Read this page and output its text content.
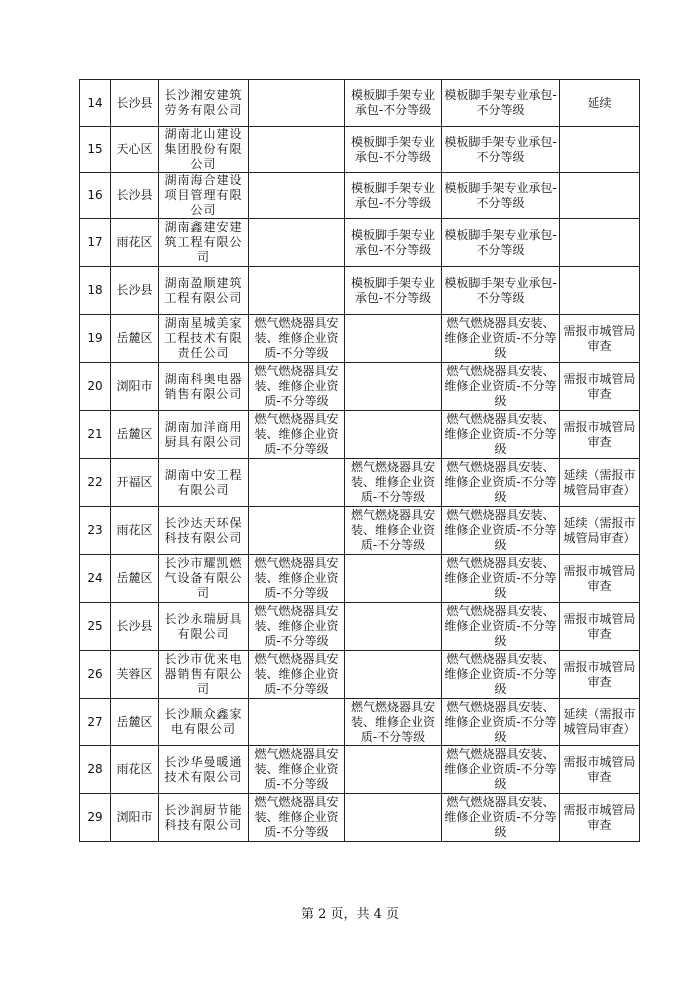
14	长沙县	长沙湘安建筑劳务有限公司		模板脚手架专业承包-不分等级	模板脚手架专业承包-不分等级	延续
15	天心区	湖南北山建设集团股份有限公司		模板脚手架专业承包-不分等级	模板脚手架专业承包-不分等级	
16	长沙县	湖南海合建设项目管理有限公司		模板脚手架专业承包-不分等级	模板脚手架专业承包-不分等级	
17	雨花区	湖南鑫建安建筑工程有限公司		模板脚手架专业承包-不分等级	模板脚手架专业承包-不分等级	
18	长沙县	湖南盈顺建筑工程有限公司		模板脚手架专业承包-不分等级	模板脚手架专业承包-不分等级	
19	岳麓区	湖南星城美家工程技术有限责任公司	燃气燃烧器具安装、维修企业资质-不分等级		燃气燃烧器具安装、维修企业资质-不分等级	需报市城管局审查
20	浏阳市	湖南科奥电器销售有限公司	燃气燃烧器具安装、维修企业资质-不分等级		燃气燃烧器具安装、维修企业资质-不分等级	需报市城管局审查
21	岳麓区	湖南加洋商用厨具有限公司	燃气燃烧器具安装、维修企业资质-不分等级		燃气燃烧器具安装、维修企业资质-不分等级	需报市城管局审查
22	开福区	湖南中安工程有限公司		燃气燃烧器具安装、维修企业资质-不分等级	燃气燃烧器具安装、维修企业资质-不分等级	延续（需报市城管局审查）
23	雨花区	长沙达天环保科技有限公司		燃气燃烧器具安装、维修企业资质-不分等级	燃气燃烧器具安装、维修企业资质-不分等级	延续（需报市城管局审查）
24	岳麓区	长沙市耀凯燃气设备有限公司	燃气燃烧器具安装、维修企业资质-不分等级		燃气燃烧器具安装、维修企业资质-不分等级	需报市城管局审查
25	长沙县	长沙永瑞厨具有限公司	燃气燃烧器具安装、维修企业资质-不分等级		燃气燃烧器具安装、维修企业资质-不分等级	需报市城管局审查
26	芙蓉区	长沙市优来电器销售有限公司	燃气燃烧器具安装、维修企业资质-不分等级		燃气燃烧器具安装、维修企业资质-不分等级	需报市城管局审查
27	岳麓区	长沙顺众鑫家电有限公司		燃气燃烧器具安装、维修企业资质-不分等级	燃气燃烧器具安装、维修企业资质-不分等级	延续（需报市城管局审查）
28	雨花区	长沙华曼暖通技术有限公司	燃气燃烧器具安装、维修企业资质-不分等级		燃气燃烧器具安装、维修企业资质-不分等级	需报市城管局审查
29	浏阳市	长沙润厨节能科技有限公司	燃气燃烧器具安装、维修企业资质-不分等级		燃气燃烧器具安装、维修企业资质-不分等级	需报市城管局审查
第 2 页，共 4 页
